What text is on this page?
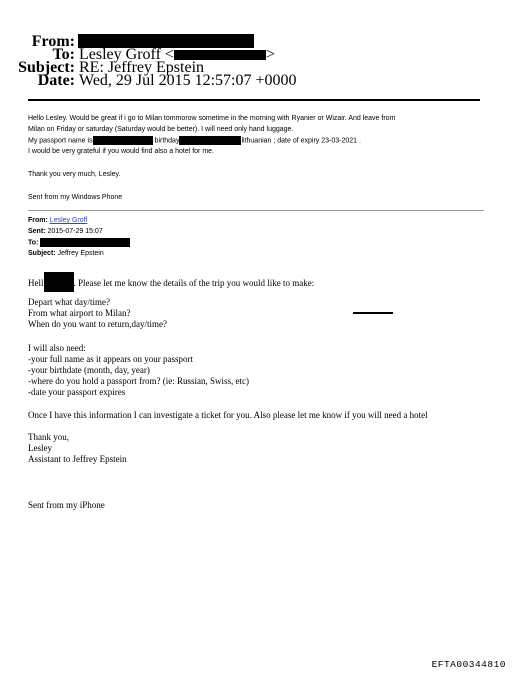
From:
To: Lesley Groff <	>
Subject: RE: Jeffrey Epstein
Date: Wed, 29 Jul 2015 12:57:07 +0000
Hello Lesley. Would be great if i go to Milan tommorow sometime in the morning with Ryanier or Wizair. And leave from
Milan on Friday or saturday (Saturday would be better). I will need only hand luggage.
My passport name is	birthday	lithuanian ; date of expiry 23-03-2021 .
I would be very grateful if you would find also a hotel for me.
Thank you very much, Lesley.
Sent from my Windows Phone
From: Lesley Groff
Sent: 2015-07-29 15:07
To:
Subject: Jeffrey Epstein
Hell	. Please let me know the details of the trip you would like to make:
Depart what day/time?
From what airport to Milan?
When do you want to return,day/time?
I will also need:
-your full name as it appears on your passport
-your birthdate (month, day, year)
-where do you hold a passport from? (ie: Russian, Swiss, etc)
-date your passport expires
Once I have this information I can investigate a ticket for you. Also please let me know if you will need a hotel
Thank you,
Lesley
Assistant to Jeffrey Epstein
Sent from my iPhone
EFTA00344810
